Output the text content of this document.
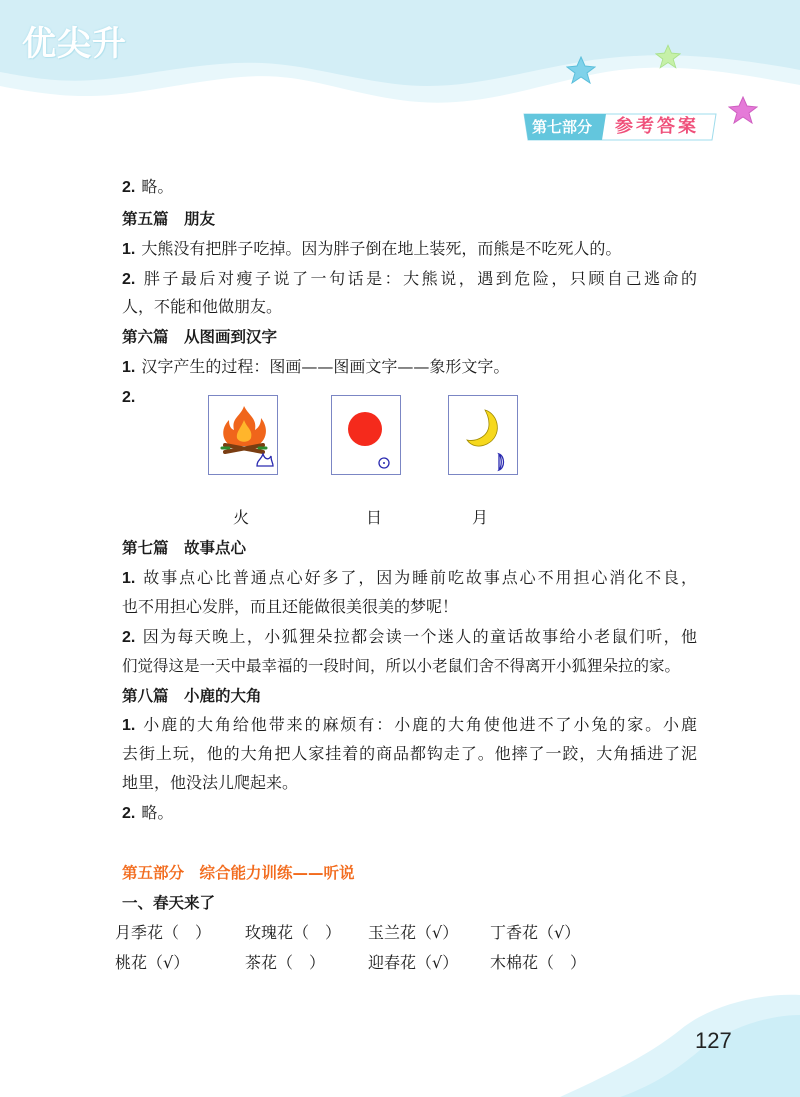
优尖升
第七部分 参考答案
2. 略。
第五篇　朋友
1. 大熊没有把胖子吃掉。因为胖子倒在地上装死，而熊是不吃死人的。
2. 胖子最后对瘦子说了一句话是：大熊说，遇到危险，只顾自己逃命的
人，不能和他做朋友。
第六篇　从图画到汉字
1. 汉字产生的过程：图画——图画文字——象形文字。
2.
火	日	月
第七篇　故事点心
1. 故事点心比普通点心好多了，因为睡前吃故事点心不用担心消化不良，
也不用担心发胖，而且还能做很美很美的梦呢！
2. 因为每天晚上，小狐狸朵拉都会读一个迷人的童话故事给小老鼠们听，他
们觉得这是一天中最幸福的一段时间，所以小老鼠们舍不得离开小狐狸朵拉的家。
第八篇　小鹿的大角
1. 小鹿的大角给他带来的麻烦有：小鹿的大角使他进不了小兔的家。小鹿
去街上玩，他的大角把人家挂着的商品都钩走了。他摔了一跤，大角插进了泥
地里，他没法儿爬起来。
2. 略。
第五部分　综合能力训练——听说
一、春天来了
月季花（　） 玫瑰花（　） 玉兰花（√） 丁香花（√）
桃花（√）	茶花（　）	迎春花（√） 木棉花（　）
127
